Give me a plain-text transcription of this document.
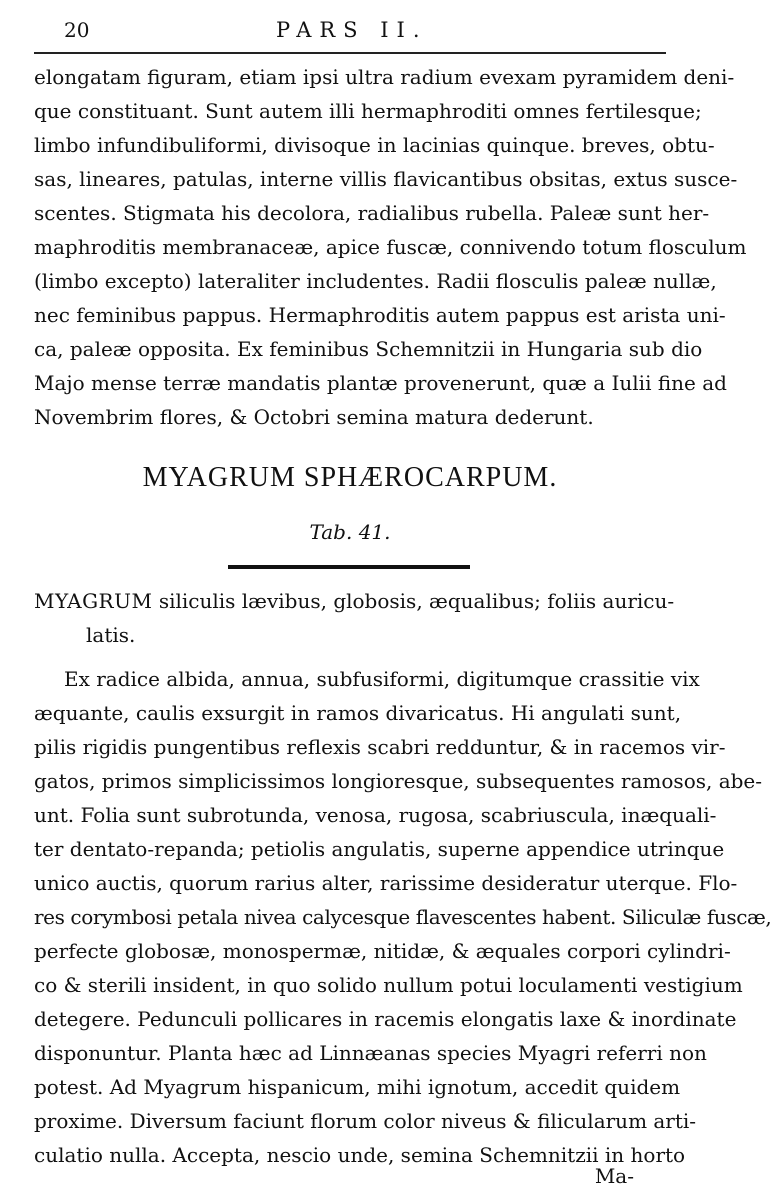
20	PARS II.
elongatam figuram, etiam ipsi ultra radium evexam pyramidem deni-
que constituant. Sunt autem illi hermaphroditi omnes fertilesque;
limbo infundibuliformi, divisoque in lacinias quinque. breves, obtu-
sas, lineares, patulas, interne villis flavicantibus obsitas, extus susce-
scentes. Stigmata his decolora, radialibus rubella. Paleæ sunt her-
maphroditis membranaceæ, apice fuscæ, connivendo totum flosculum
(limbo excepto) lateraliter includentes. Radii flosculis paleæ nullæ,
nec feminibus pappus. Hermaphroditis autem pappus est arista uni-
ca, paleæ opposita. Ex feminibus Schemnitzii in Hungaria sub dio
Majo mense terræ mandatis plantæ provenerunt, quæ a Iulii fine ad
Novembrim flores, & Octobri semina matura dederunt.
MYAGRUM SPHÆROCARPUM.
Tab. 41.
MYAGRUM siliculis lævibus, globosis, æqualibus; foliis auricu-
latis.
Ex radice albida, annua, subfusiformi, digitumque crassitie vix
æquante, caulis exsurgit in ramos divaricatus. Hi angulati sunt,
pilis rigidis pungentibus reflexis scabri redduntur, & in racemos vir-
gatos, primos simplicissimos longioresque, subsequentes ramosos, abe-
unt. Folia sunt subrotunda, venosa, rugosa, scabriuscula, inæquali-
ter dentato-repanda; petiolis angulatis, superne appendice utrinque
unico auctis, quorum rarius alter, rarissime desideratur uterque. Flo-
res corymbosi petala nivea calycesque flavescentes habent. Siliculæ fuscæ,
perfecte globosæ, monospermæ, nitidæ, & æquales corpori cylindri-
co & sterili insident, in quo solido nullum potui loculamenti vestigium
detegere. Pedunculi pollicares in racemis elongatis laxe & inordinate
disponuntur. Planta hæc ad Linnæanas species Myagri referri non
potest. Ad Myagrum hispanicum, mihi ignotum, accedit quidem
proxime. Diversum faciunt florum color niveus & filicularum arti-
culatio nulla. Accepta, nescio unde, semina Schemnitzii in horto
Ma-
